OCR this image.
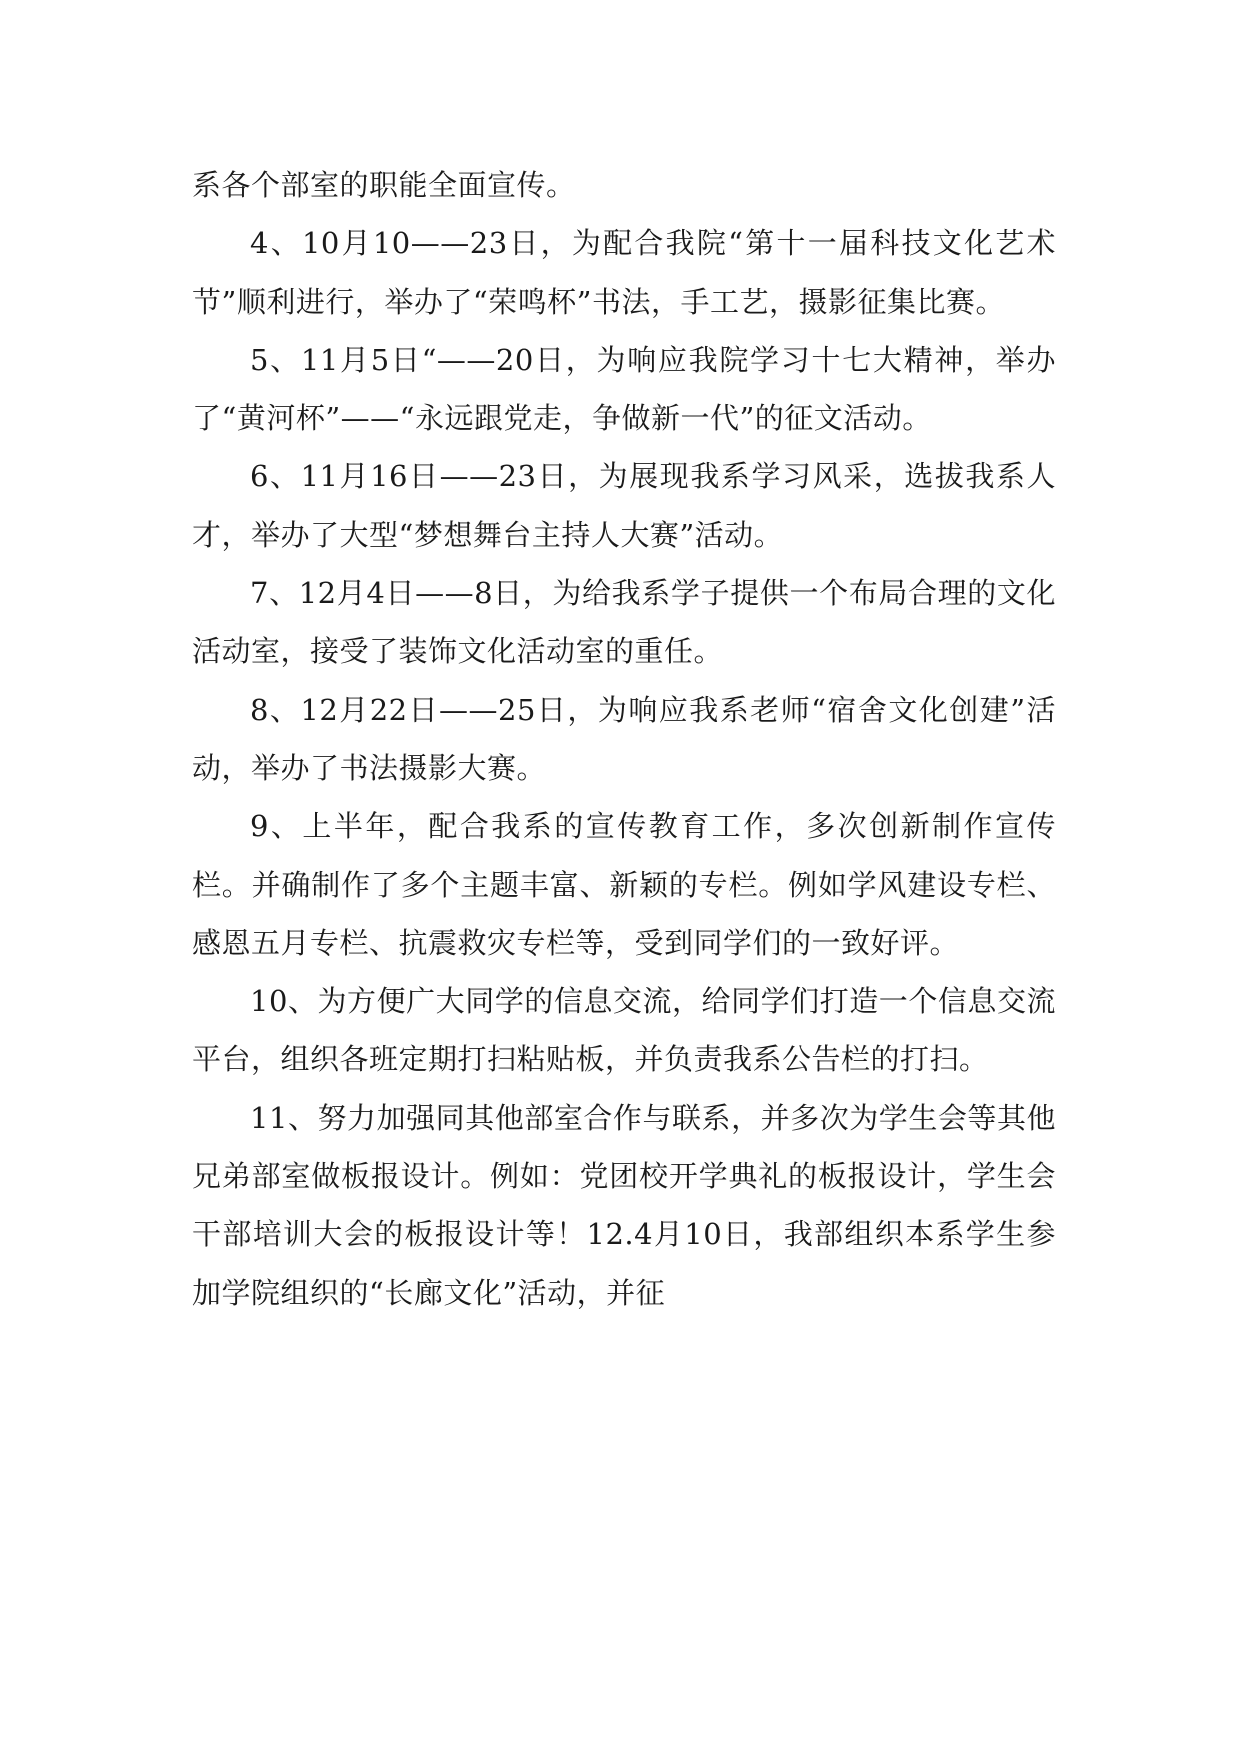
系各个部室的职能全面宣传。

4、10月10——23日，为配合我院“第十一届科技文化艺术节”顺利进行，举办了“荣鸣杯”书法，手工艺，摄影征集比赛。

5、11月5日“——20日，为响应我院学习十七大精神，举办了“黄河杯”——“永远跟党走，争做新一代”的征文活动。

6、11月16日——23日，为展现我系学习风采，选拔我系人才，举办了大型“梦想舞台主持人大赛”活动。

7、12月4日——8日，为给我系学子提供一个布局合理的文化活动室，接受了装饰文化活动室的重任。

8、12月22日——25日，为响应我系老师“宿舍文化创建”活动，举办了书法摄影大赛。

9、上半年，配合我系的宣传教育工作，多次创新制作宣传栏。并确制作了多个主题丰富、新颖的专栏。例如学风建设专栏、感恩五月专栏、抗震救灾专栏等，受到同学们的一致好评。

10、为方便广大同学的信息交流，给同学们打造一个信息交流平台，组织各班定期打扫粘贴板，并负责我系公告栏的打扫。

11、努力加强同其他部室合作与联系，并多次为学生会等其他兄弟部室做板报设计。例如：党团校开学典礼的板报设计，学生会干部培训大会的板报设计等！12.4月10日，我部组织本系学生参加学院组织的“长廊文化”活动，并征
